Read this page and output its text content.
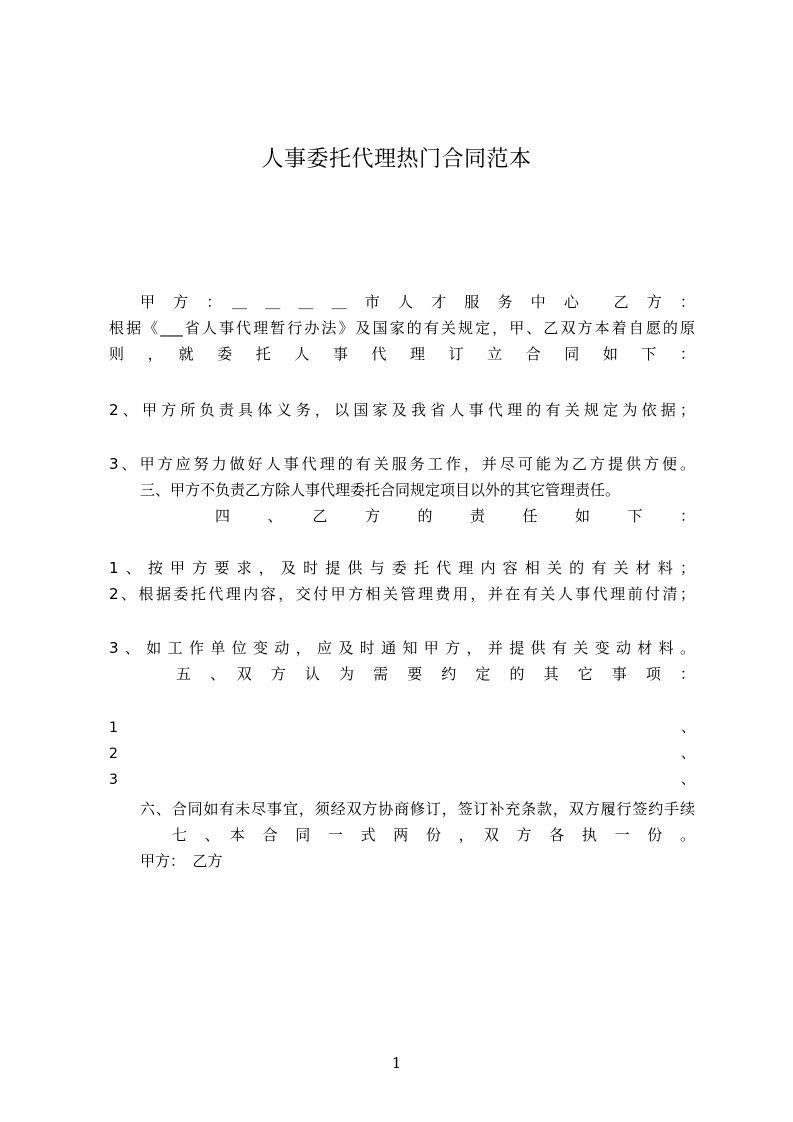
人事委托代理热门合同范本
甲　方　：　＿　＿　＿　＿　市　人　才　服　务　中　心　　乙　方　：
根据《___省人事代理暂行办法》及国家的有关规定，甲、乙双方本着自愿的原
则　，　就　委　托　人　事　代　理　订　立　合　同　如　下　：
2、甲方所负责具体义务，以国家及我省人事代理的有关规定为依据；
3、甲方应努力做好人事代理的有关服务工作，并尽可能为乙方提供方便。
三、甲方不负责乙方除人事代理委托合同规定项目以外的其它管理责任。
四　、　乙　方　的　责　任　如　下　：
1、按甲方要求，及时提供与委托代理内容相关的有关材料；
2、根据委托代理内容，交付甲方相关管理费用，并在有关人事代理前付清；
3、如工作单位变动，应及时通知甲方，并提供有关变动材料。
五　、　双　方　认　为　需　要　约　定　的　其　它　事　项　：
1	、
2	、
3	、
六、合同如有未尽事宜，须经双方协商修订，签订补充条款，双方履行签约手续
七　、　本　合　同　一　式　两　份　，　双　方　各　执　一　份　。
甲方：　乙方
1
